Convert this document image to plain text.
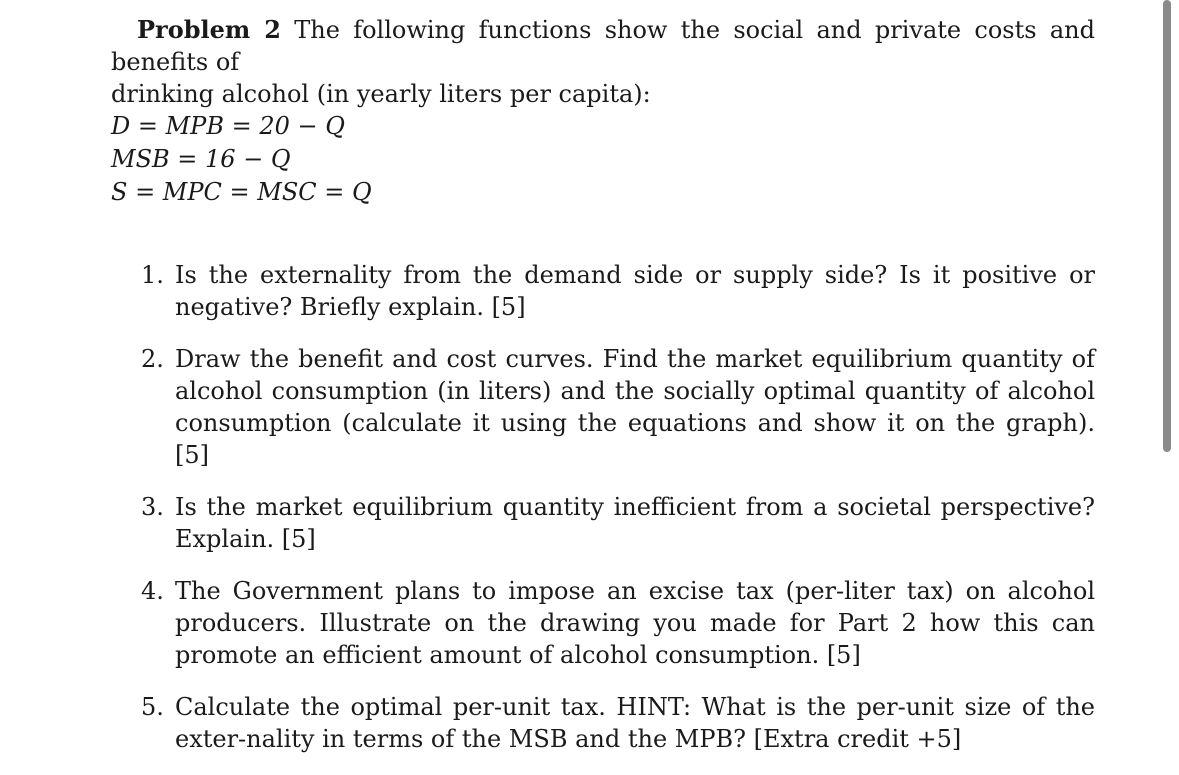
Problem 2 The following functions show the social and private costs and benefits of
drinking alcohol (in yearly liters per capita):

D = MPB = 20 − Q
MSB = 16 − Q
S = MPC = MSC = Q
1. Is the externality from the demand side or supply side? Is it positive or negative? Briefly explain. [5]
2. Draw the benefit and cost curves. Find the market equilibrium quantity of alcohol consumption (in liters) and the socially optimal quantity of alcohol consumption (calculate it using the equations and show it on the graph). [5]
3. Is the market equilibrium quantity inefficient from a societal perspective? Explain. [5]
4. The Government plans to impose an excise tax (per-liter tax) on alcohol producers. Illustrate on the drawing you made for Part 2 how this can promote an efficient amount of alcohol consumption. [5]
5. Calculate the optimal per-unit tax. HINT: What is the per-unit size of the exter-nality in terms of the MSB and the MPB? [Extra credit +5]
